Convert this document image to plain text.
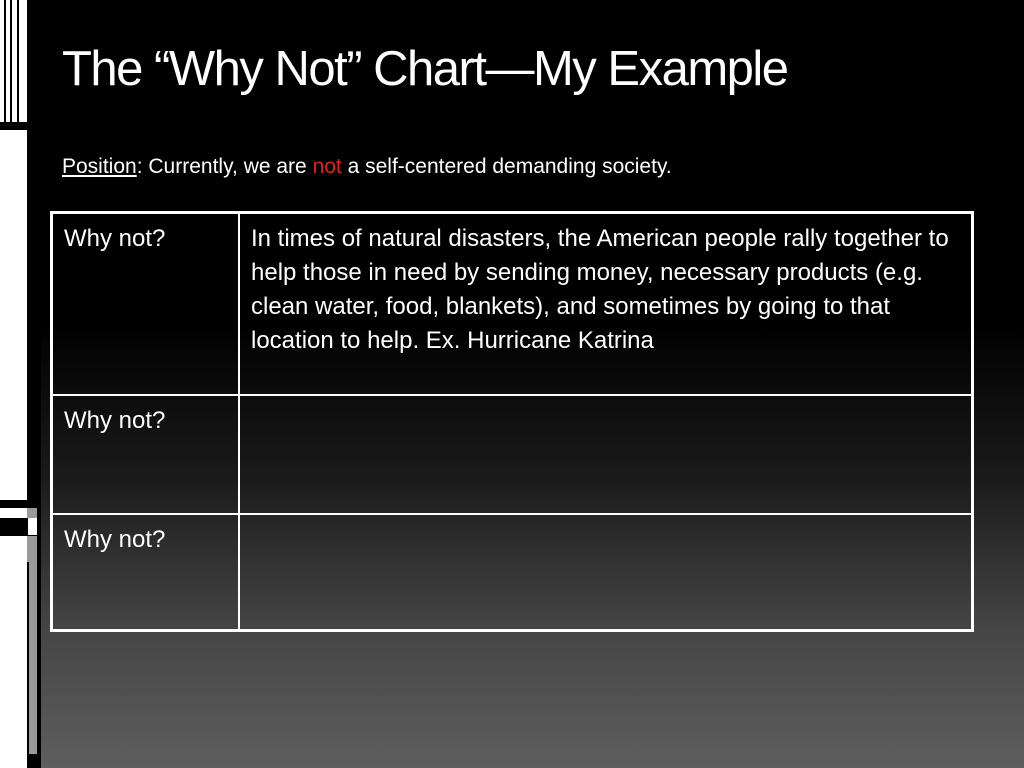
The “Why Not” Chart—My Example
Position: Currently, we are not a self-centered demanding society.
Why not?	In times of natural disasters, the American people rally together to help those in need by sending money, necessary products (e.g. clean water, food, blankets), and sometimes by going to that location to help. Ex. Hurricane Katrina
Why not?	
Why not?	
